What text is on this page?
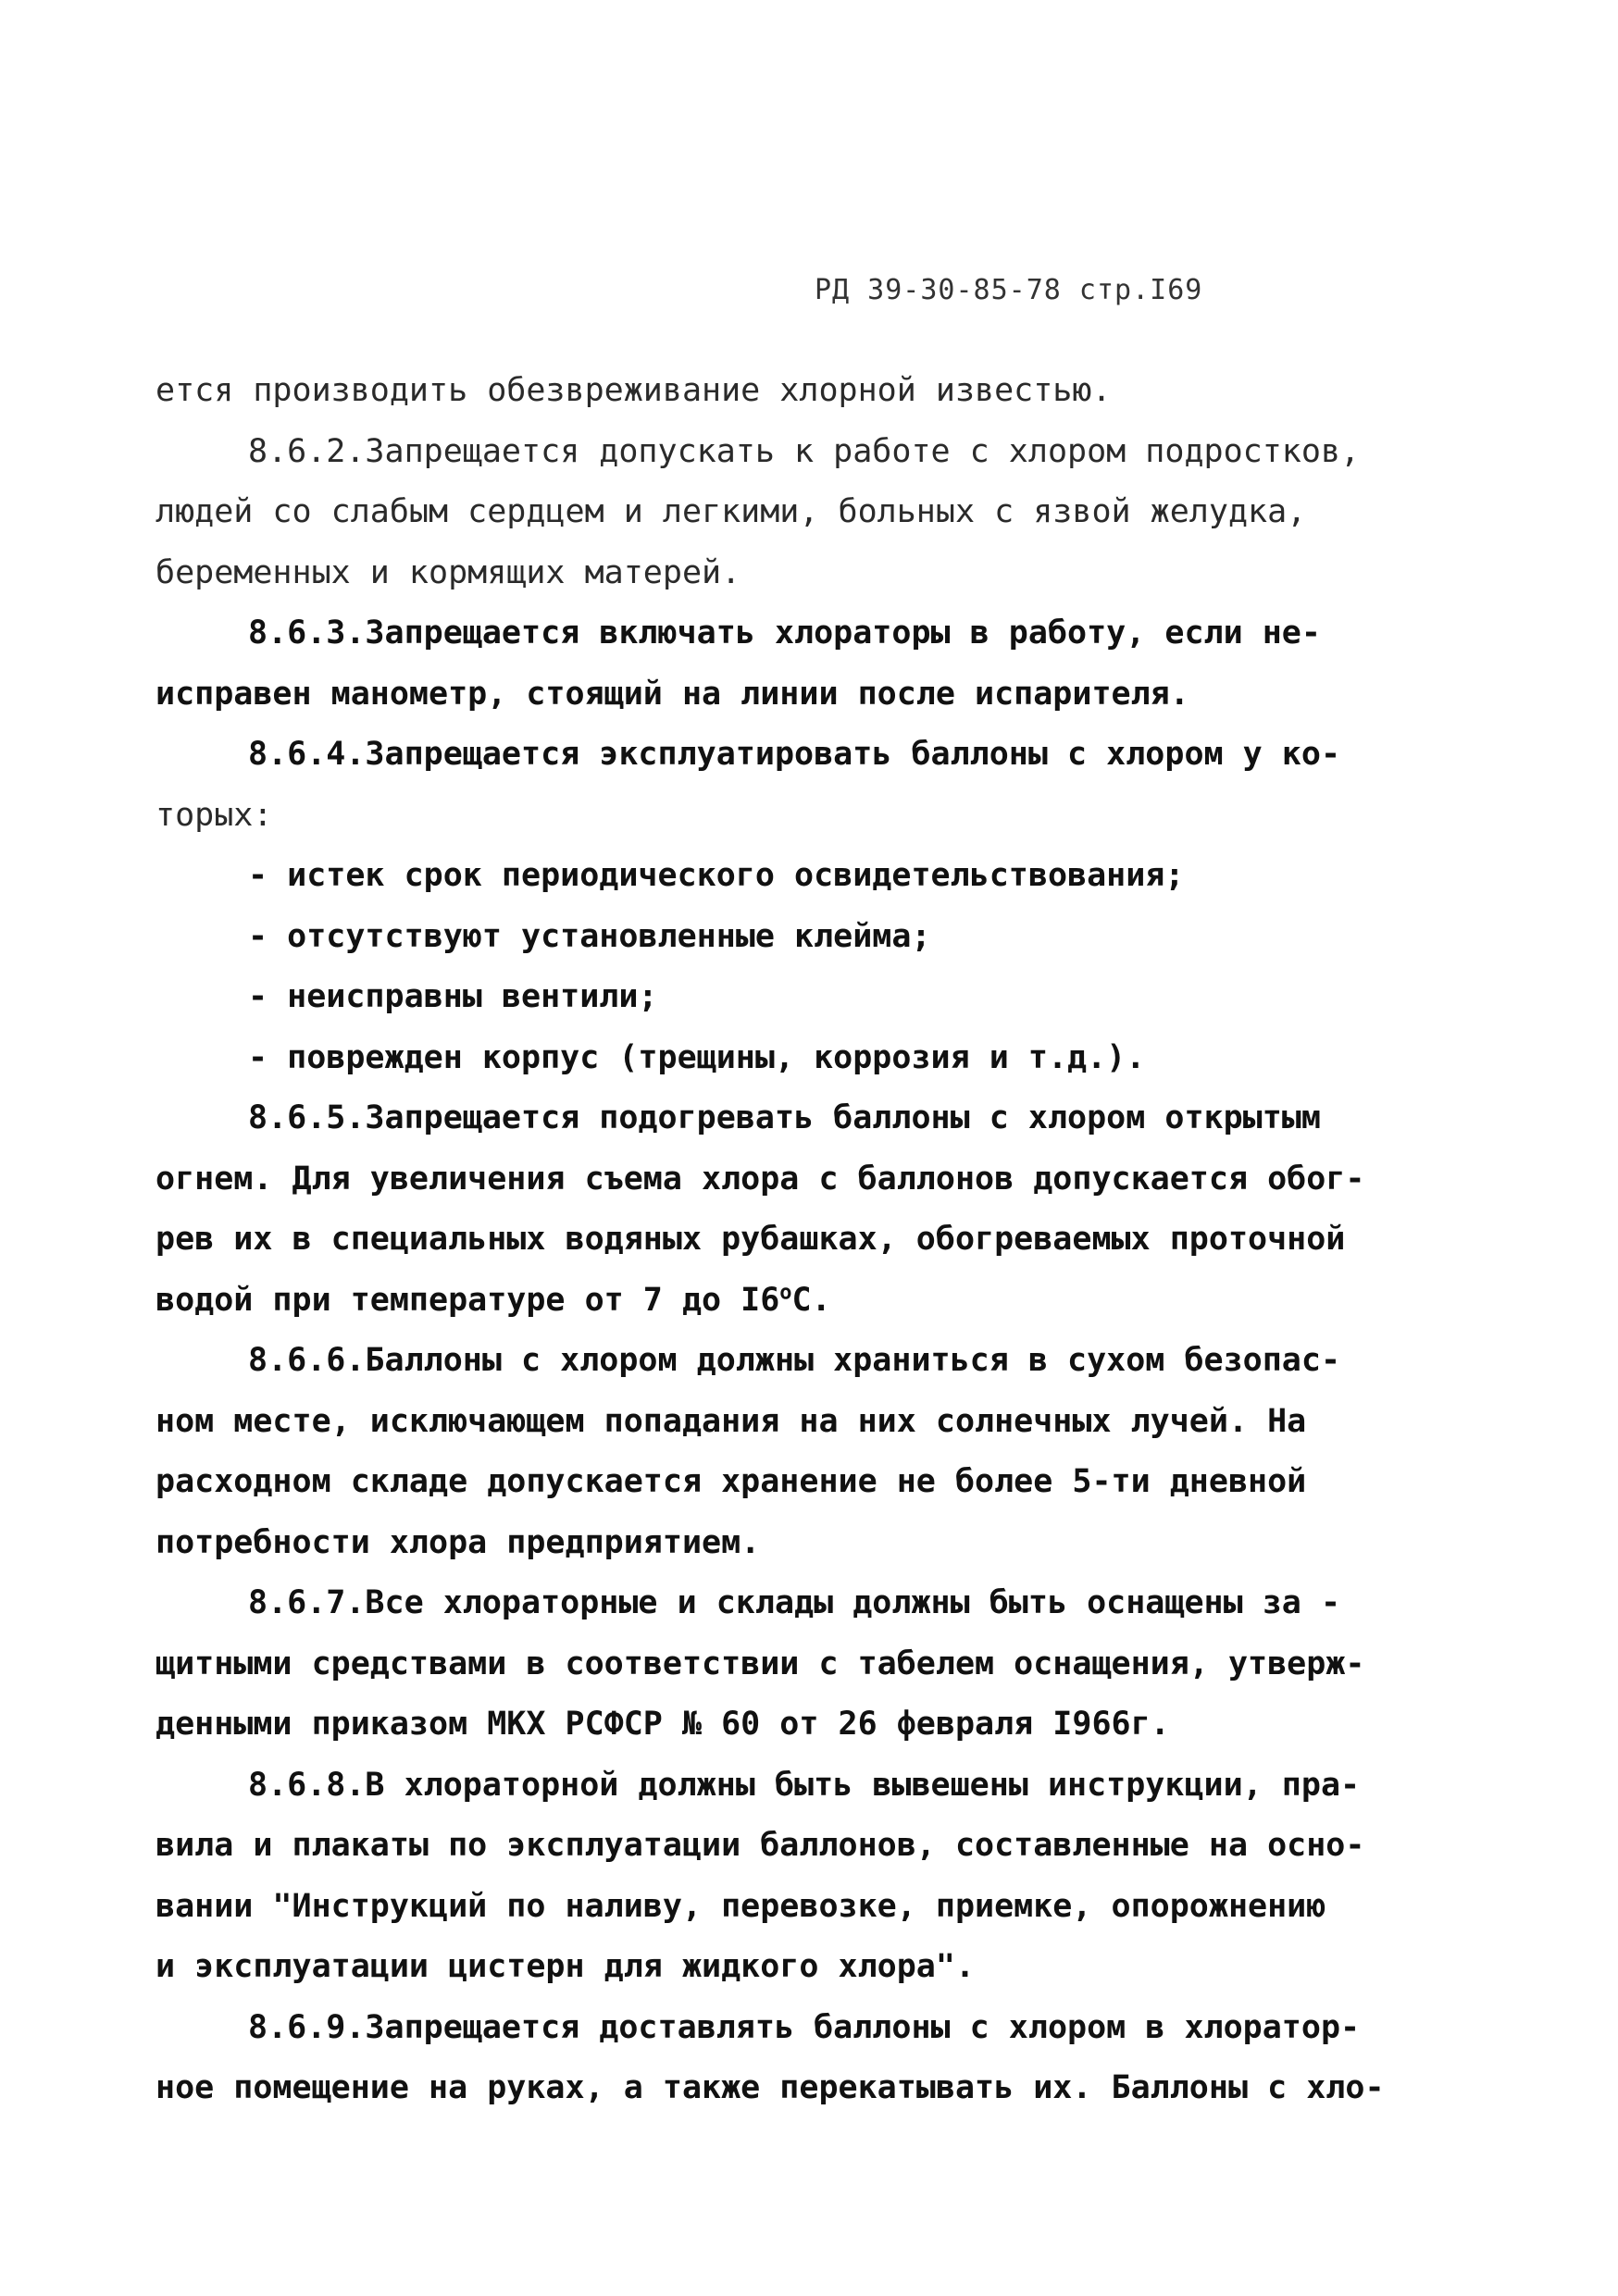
РД 39-30-85-78 стр.I69
ется производить обезвреживание хлорной известью.
8.6.2.Запрещается допускать к работе с хлором подростков,
людей со слабым сердцем и легкими, больных с язвой желудка,
беременных и кормящих матерей.
8.6.3.Запрещается включать хлораторы в работу, если не-
исправен манометр, стоящий на линии после испарителя.
8.6.4.Запрещается эксплуатировать баллоны с хлором у ко-
торых:
- истек срок периодического освидетельствования;
- отсутствуют установленные клейма;
- неисправны вентили;
- поврежден корпус (трещины, коррозия и т.д.).
8.6.5.Запрещается подогревать баллоны с хлором открытым
огнем. Для увеличения съема хлора с баллонов допускается обог-
рев их в специальных водяных рубашках, обогреваемых проточной
водой при температуре от 7 до $I6^оС$.
8.6.6.Баллоны с хлором должны храниться в сухом безопас-
ном месте, исключающем попадания на них солнечных лучей. На
расходном складе допускается хранение не более 5-ти дневной
потребности хлора предприятием.
8.6.7.Все хлораторные и склады должны быть оснащены за -
щитными средствами в соответствии с табелем оснащения, утверж-
денными приказом МКХ РСФСР № 60 от 26 февраля I966г.
8.6.8.В хлораторной должны быть вывешены инструкции, пра-
вила и плакаты по эксплуатации баллонов, составленные на осно-
вании "Инструкций по наливу, перевозке, приемке, опорожнению
и эксплуатации цистерн для жидкого хлора".
8.6.9.Запрещается доставлять баллоны с хлором в хлоратор-
ное помещение на руках, а также перекатывать их. Баллоны с хло-
